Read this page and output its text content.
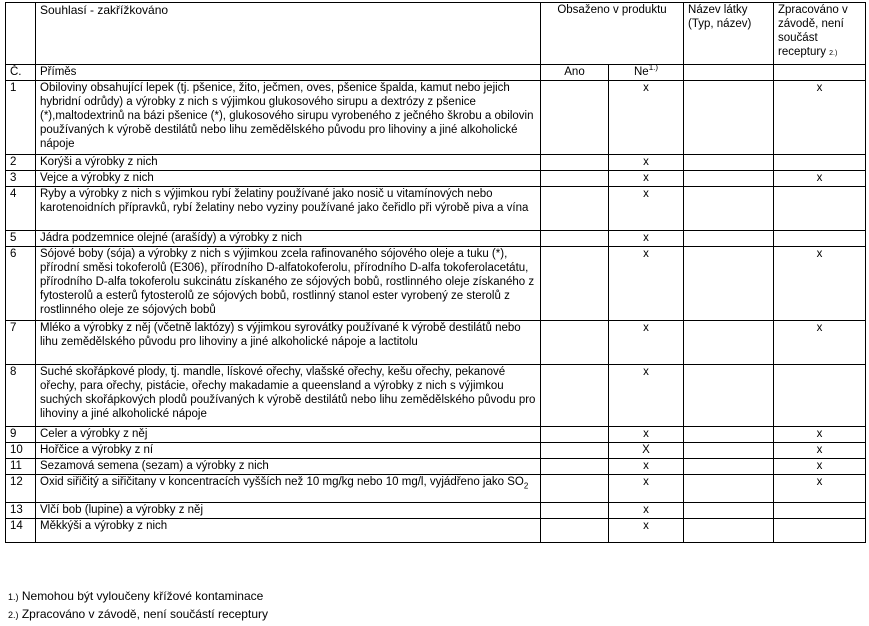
	Souhlasí - zakřížkováno	Obsaženo v produktu		Název látky (Typ, název)	Zpracováno v závodě, není součást receptury 2.)
Č.	Příměs	Ano	$Ne^{1.)}$		
1	Obiloviny obsahující lepek (tj. pšenice, žito, ječmen, oves, pšenice špalda, kamut nebo jejich hybridní odrůdy) a výrobky z nich s výjimkou glukosového sirupu a dextrózy z pšenice (*),maltodextrinů na bázi pšenice (*), glukosového sirupu vyrobeného z ječného škrobu a obilovin používaných k výrobě destilátů nebo lihu zemědělského původu pro lihoviny a jiné alkoholické nápoje		x		x
2	Korýši a výrobky z nich		x		
3	Vejce a výrobky z nich		x		x
4	Ryby a výrobky z nich s výjimkou rybí želatiny používané jako nosič u vitamínových nebo karotenoidních přípravků, rybí želatiny nebo vyziny používané jako čeřidlo při výrobě piva a vína		x		
5	Jádra podzemnice olejné (arašídy) a výrobky z nich		x		
6	Sójové boby (sója) a výrobky z nich s výjimkou zcela rafinovaného sójového oleje a tuku (*), přírodní směsi tokoferolů (E306), přírodního D-alfatokoferolu, přírodního D-alfa tokoferolacetátu, přírodního D-alfa tokoferolu sukcinátu získaného ze sójových bobů, rostlinného oleje získaného z fytosterolů a esterů fytosterolů ze sójových bobů, rostlinný stanol ester vyrobený ze sterolů z rostlinného oleje ze sójových bobů		x		x
7	Mléko a výrobky z něj (včetně laktózy) s výjimkou syrovátky používané k výrobě destilátů nebo lihu zemědělského původu pro lihoviny a jiné alkoholické nápoje a lactitolu		x		x
8	Suché skořápkové plody, tj. mandle, lískové ořechy, vlašské ořechy, kešu ořechy, pekanové ořechy, para ořechy, pistácie, ořechy makadamie a queensland a výrobky z nich s výjimkou suchých skořápkových plodů používaných k výrobě destilátů nebo lihu zemědělského původu pro lihoviny a jiné alkoholické nápoje		x		
9	Celer a výrobky z něj		x		x
10	Hořčice a výrobky z ní		X		x
11	Sezamová semena (sezam) a výrobky z nich		x		x
12	Oxid siřičitý a siřičitany v koncentracích vyšších než 10 mg/kg nebo 10 mg/l, vyjádřeno jako $SO_2$		x		x
13	Vlčí bob (lupine) a výrobky z něj		x		
14	Měkkýši a výrobky z nich		x		
1.) Nemohou být vyloučeny křížové kontaminace
2.) Zpracováno v závodě, není součástí receptury
